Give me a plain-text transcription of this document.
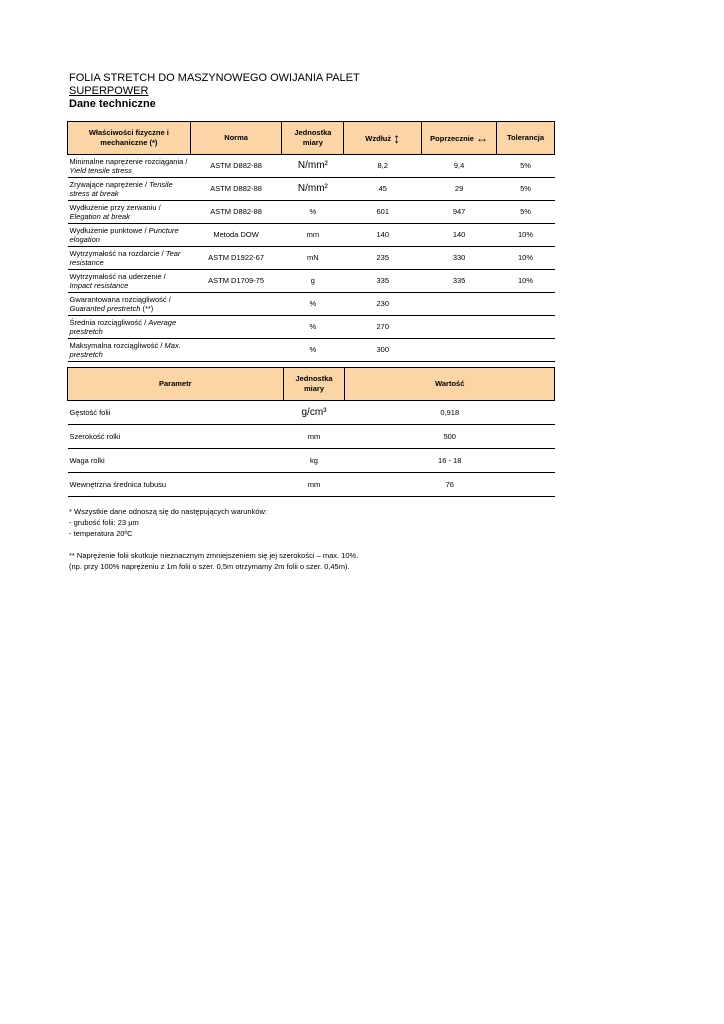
FOLIA STRETCH DO MASZYNOWEGO OWIJANIA PALET
SUPERPOWER
Dane techniczne
Właściwości fizyczne i mechaniczne (*)	Norma	Jednostka miary	Wzdłuż ↕	Poprzecznie ↔	Tolerancja
Minimalne naprężenie rozciągania / Yield tensile stress	ASTM D882-88	N/mm²	8,2	9,4	5%
Zrywające naprężenie / Tensile stress at break	ASTM D882-88	N/mm²	45	29	5%
Wydłużenie przy zerwaniu / Elegation at break	ASTM D882-88	%	601	947	5%
Wydłużenie punktowe / Puncture elogation	Metoda DOW	mm	140	140	10%
Wytrzymałość na rozdarcie / Tear resistance	ASTM D1922-67	mN	235	330	10%
Wytrzymałość na uderzenie / Impact resistance	ASTM D1709-75	g	335	335	10%
Gwarantowana rozciągliwość / Guaranted prestretch (**)		%	230		
Średnia rozciągliwość / Average prestretch		%	270		
Maksymalna rozciągliwość / Max. prestretch		%	300		
Parametr	Jednostka miary	Wartość
Gęstość folii	g/cm³	0,918
Szerokość rolki	mm	500
Waga rolki	kg	16 - 18
Wewnętrzna średnica tubusu	mm	76

* Wszystkie dane odnoszą się do następujących warunków:

- grubość folii: 23 µm

- temperatura 20ºC

** Naprężenie folii skutkuje nieznacznym zmniejszeniem się jej szerokości – max. 10%.

(np. przy 100% naprężeniu z 1m folii o szer. 0,5m otrzymamy 2m folii o szer. 0,45m).
